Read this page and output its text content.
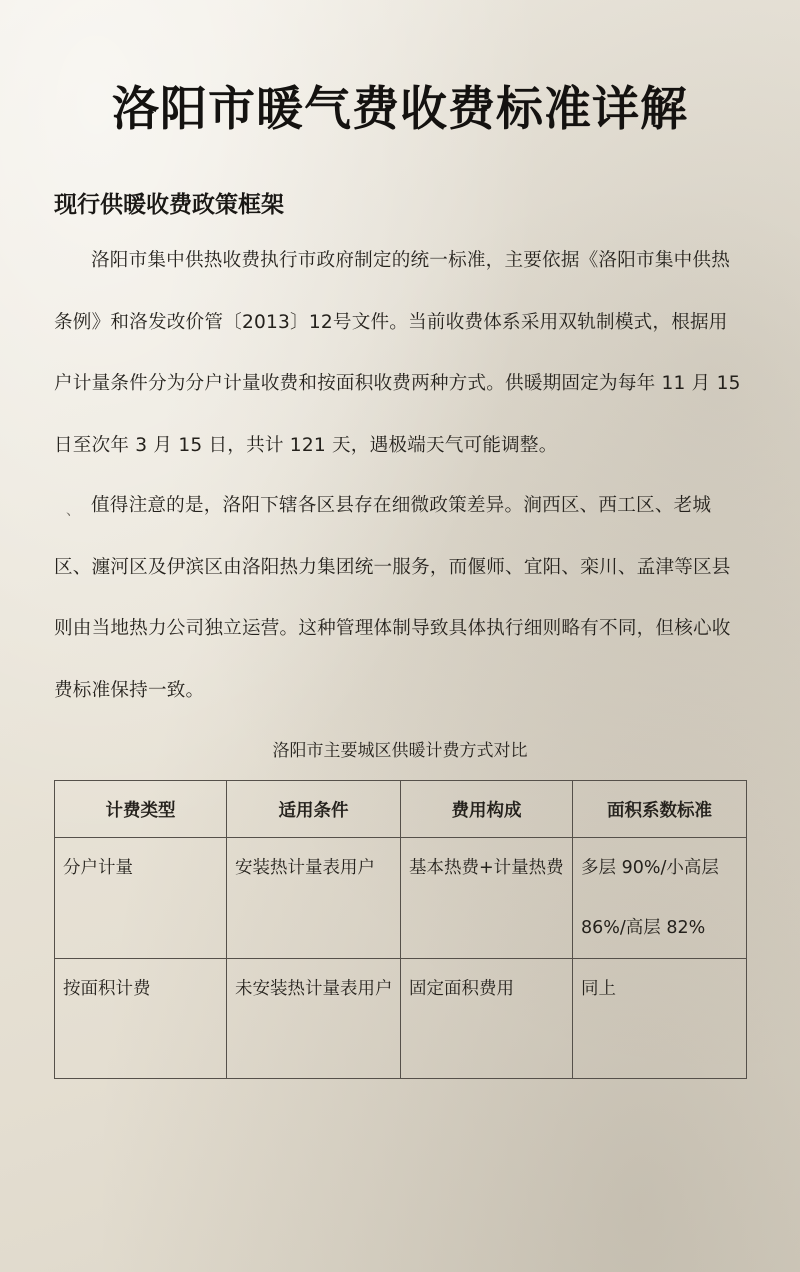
洛阳市暖气费收费标准详解
现行供暖收费政策框架

洛阳市集中供热收费执行市政府制定的统一标准，主要依据《洛阳市集中供热条例》和洛发改价管〔2013〕12号文件。当前收费体系采用双轨制模式，根据用户计量条件分为分户计量收费和按面积收费两种方式。供暖期固定为每年 11 月 15 日至次年 3 月 15 日，共计 121 天，遇极端天气可能调整。

、 值得注意的是，洛阳下辖各区县存在细微政策差异。涧西区、西工区、老城区、瀍河区及伊滨区由洛阳热力集团统一服务，而偃师、宜阳、栾川、孟津等区县则由当地热力公司独立运营。这种管理体制导致具体执行细则略有不同，但核心收费标准保持一致。

洛阳市主要城区供暖计费方式对比
计费类型	适用条件	费用构成	面积系数标准
分户计量	安装热计量表用户	基本热费+计量热费	多层 90%/小高层 86%/高层 82%
按面积计费	未安装热计量表用户	固定面积费用	同上
